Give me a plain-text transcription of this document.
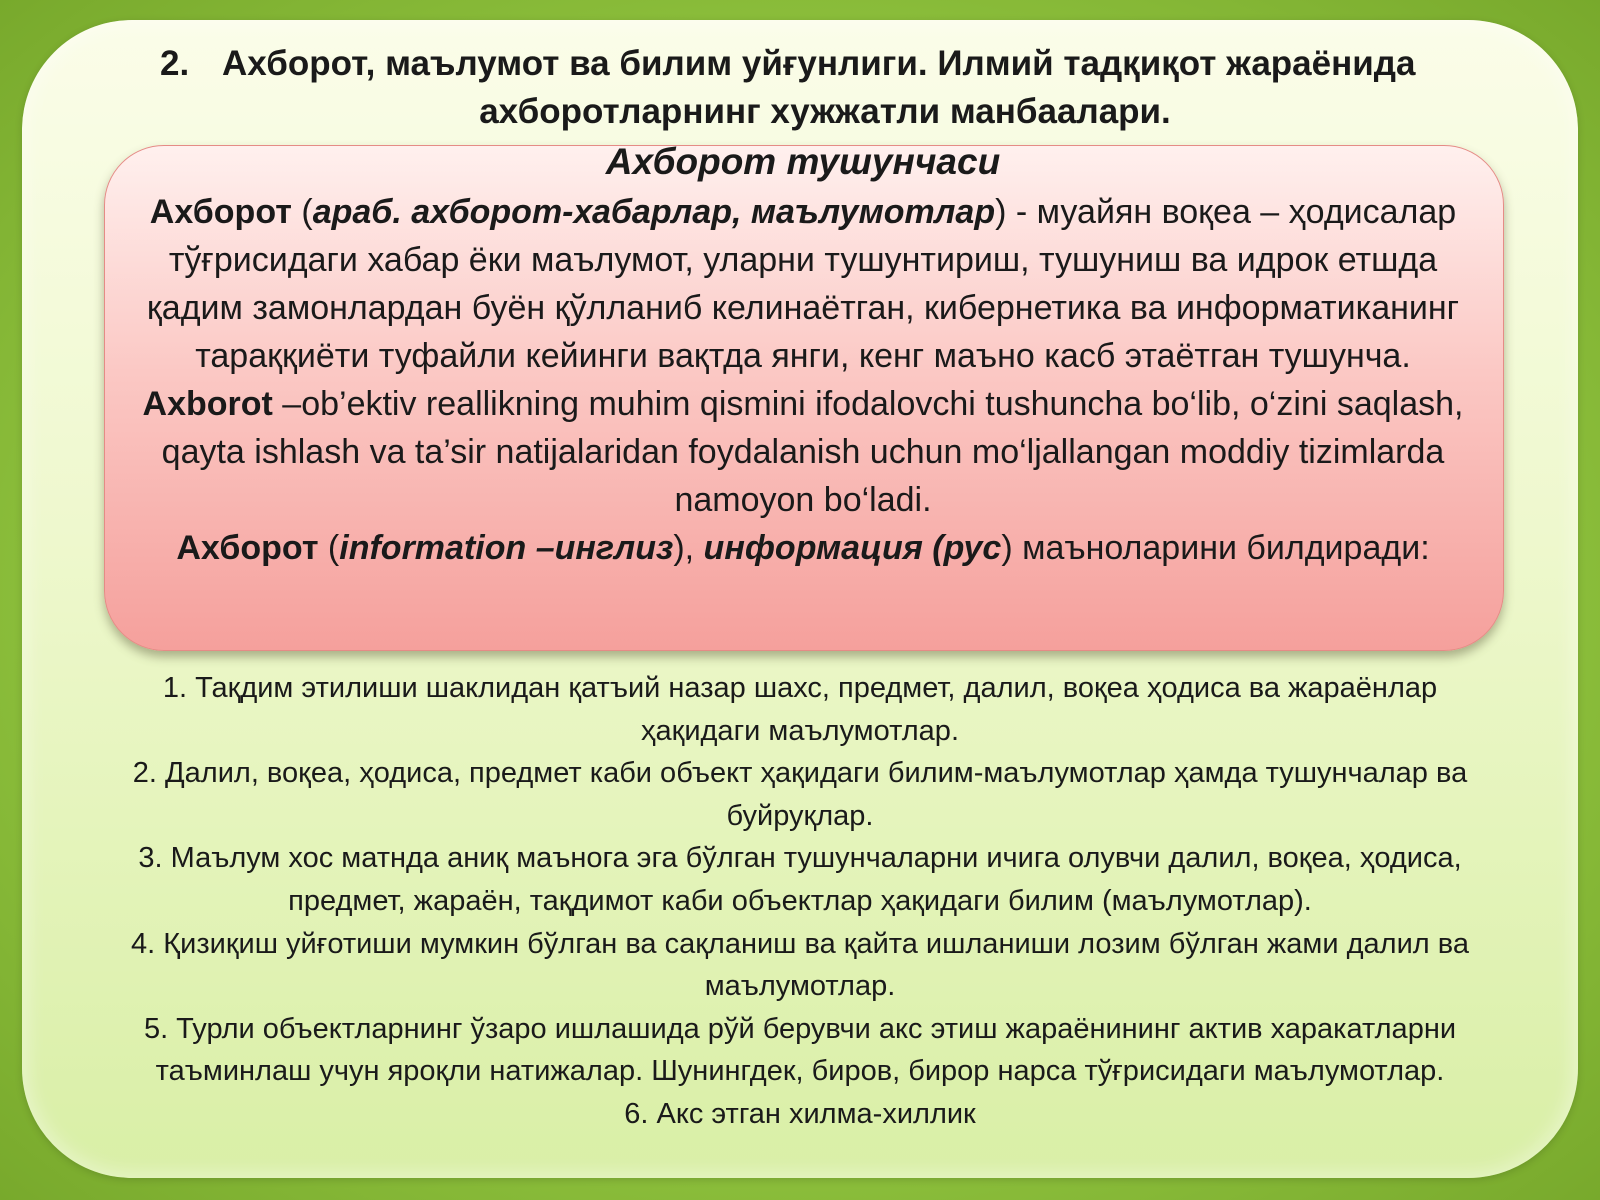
2. Ахборот, маълумот ва билим уйғунлиги. Илмий тадқиқот жараёнида
ахборотларнинг хужжатли манбаалари.
Ахборот тушунчаси

Ахборот (араб. ахборот-хабарлар, маълумотлар) - муайян воқеа – ҳодисалар тўғрисидаги хабар ёки маълумот, уларни тушунтириш, тушуниш ва идрок етшда қадим замонлардан буён қўлланиб келинаётган, кибернетика ва информатиканинг тараққиёти туфайли кейинги вақтда янги, кенг маъно касб этаётган тушунча.

Axborot –ob’ektiv reallikning muhim qismini ifodalovchi tushuncha bo‘lib, o‘zini saqlash, qayta ishlash va ta’sir natijalaridan foydalanish uchun mo‘ljallangan moddiy tizimlarda namoyon bo‘ladi.

Ахборот (information –инглиз), информация (рус) маъноларини билдиради:

1. Тақдим этилиши шаклидан қатъий назар шахс, предмет, далил, воқеа ҳодиса ва жараёнлар ҳақидаги маълумотлар.

2. Далил, воқеа, ҳодиса, предмет каби объект ҳақидаги билим-маълумотлар ҳамда тушунчалар ва буйруқлар.

3. Маълум хос матнда аниқ маънога эга бўлган тушунчаларни ичига олувчи далил, воқеа, ҳодиса, предмет, жараён, тақдимот каби объектлар ҳақидаги билим (маълумотлар).

4. Қизиқиш уйғотиши мумкин бўлган ва сақланиш ва қайта ишланиши лозим бўлган жами далил ва маълумотлар.

5. Турли объектларнинг ўзаро ишлашида рўй берувчи акс этиш жараёнининг актив харакатларни таъминлаш учун яроқли натижалар. Шунингдек, биров, бирор нарса тўғрисидаги маълумотлар.

6. Акс этган хилма-хиллик
